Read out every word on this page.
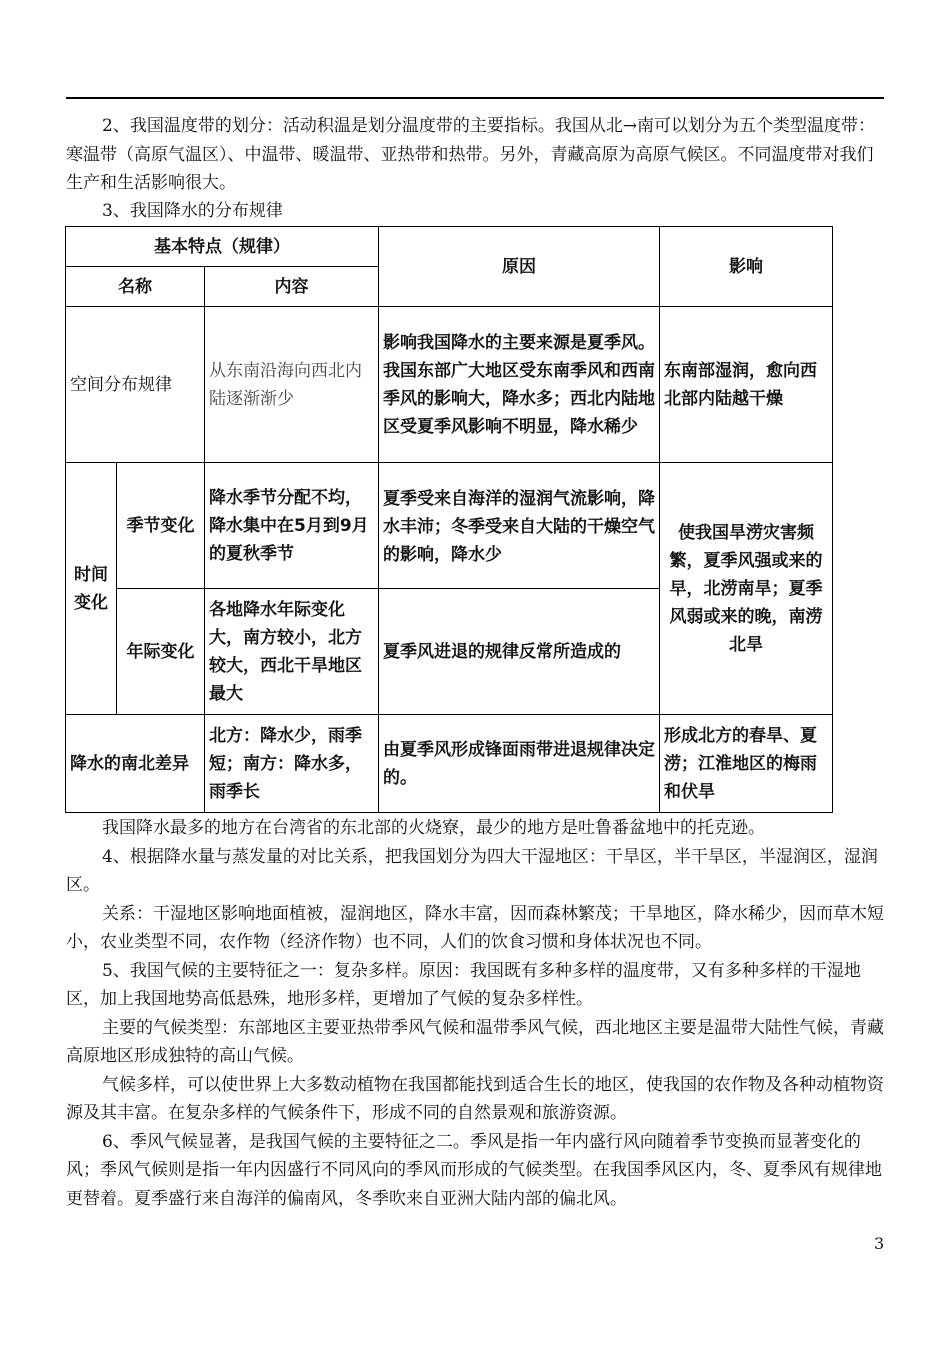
2、我国温度带的划分：活动积温是划分温度带的主要指标。我国从北→南可以划分为五个类型温度带：寒温带（高原气温区）、中温带、暖温带、亚热带和热带。另外，青藏高原为高原气候区。不同温度带对我们生产和生活影响很大。

3、我国降水的分布规律
基本特点（规律）			原因	影响
名称		内容		
空间分布规律		从东南沿海向西北内陆逐渐渐少	影响我国降水的主要来源是夏季风。我国东部广大地区受东南季风和西南季风的影响大，降水多；西北内陆地区受夏季风影响不明显，降水稀少	东南部湿润，愈向西北部内陆越干燥
时间变化	季节变化	降水季节分配不均，降水集中在5月到9月的夏秋季节	夏季受来自海洋的湿润气流影响，降水丰沛；冬季受来自大陆的干燥空气的影响，降水少	使我国旱涝灾害频繁，夏季风强或来的早，北涝南旱；夏季风弱或来的晚，南涝北旱
	年际变化	各地降水年际变化大，南方较小，北方较大，西北干旱地区最大	夏季风进退的规律反常所造成的	
降水的南北差异		北方：降水少，雨季短；南方：降水多，雨季长	由夏季风形成锋面雨带进退规律决定的。	形成北方的春旱、夏涝；江淮地区的梅雨和伏旱

我国降水最多的地方在台湾省的东北部的火烧寮，最少的地方是吐鲁番盆地中的托克逊。

4、根据降水量与蒸发量的对比关系，把我国划分为四大干湿地区：干旱区，半干旱区，半湿润区，湿润区。

关系：干湿地区影响地面植被，湿润地区，降水丰富，因而森林繁茂；干旱地区，降水稀少，因而草木短小，农业类型不同，农作物（经济作物）也不同，人们的饮食习惯和身体状况也不同。

5、我国气候的主要特征之一：复杂多样。原因：我国既有多种多样的温度带，又有多种多样的干湿地区，加上我国地势高低悬殊，地形多样，更增加了气候的复杂多样性。

主要的气候类型：东部地区主要亚热带季风气候和温带季风气候，西北地区主要是温带大陆性气候，青藏高原地区形成独特的高山气候。

气候多样，可以使世界上大多数动植物在我国都能找到适合生长的地区，使我国的农作物及各种动植物资源及其丰富。在复杂多样的气候条件下，形成不同的自然景观和旅游资源。

6、季风气候显著，是我国气候的主要特征之二。季风是指一年内盛行风向随着季节变换而显著变化的风；季风气候则是指一年内因盛行不同风向的季风而形成的气候类型。在我国季风区内，冬、夏季风有规律地更替着。夏季盛行来自海洋的偏南风，冬季吹来自亚洲大陆内部的偏北风。

3
